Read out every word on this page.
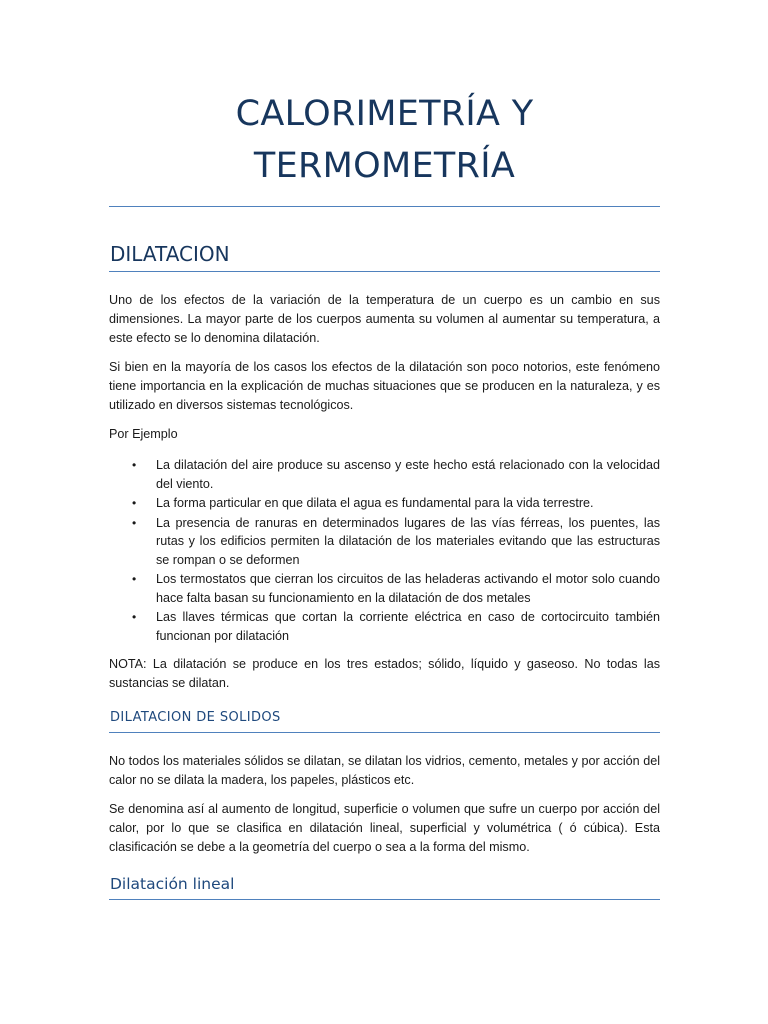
CALORIMETRÍA Y
TERMOMETRÍA
DILATACION

Uno de los efectos de la variación de la temperatura de un cuerpo es un cambio en sus dimensiones. La mayor parte de los cuerpos aumenta su volumen al aumentar su temperatura, a este efecto se lo denomina dilatación.

Si bien en la mayoría de los casos los efectos de la dilatación son poco notorios, este fenómeno tiene importancia en la explicación de muchas situaciones que se producen en la naturaleza, y es utilizado en diversos sistemas tecnológicos.

Por Ejemplo

• La dilatación del aire produce su ascenso y este hecho está relacionado con la velocidad del viento.
• La forma particular en que dilata el agua es fundamental para la vida terrestre.
• La presencia de ranuras en determinados lugares de las vías férreas, los puentes, las rutas y los edificios permiten la dilatación de los materiales evitando que las estructuras se rompan o se deformen
• Los termostatos que cierran los circuitos de las heladeras activando el motor solo cuando hace falta basan su funcionamiento en la dilatación de dos metales
• Las llaves térmicas que cortan la corriente eléctrica en caso de cortocircuito también funcionan por dilatación

NOTA: La dilatación se produce en los tres estados; sólido, líquido y gaseoso. No todas las sustancias se dilatan.

DILATACION DE SOLIDOS

No todos los materiales sólidos se dilatan, se dilatan los vidrios, cemento, metales y por acción del calor no se dilata la madera, los papeles, plásticos etc.

Se denomina así al aumento de longitud, superficie o volumen que sufre un cuerpo por acción del calor, por lo que se clasifica en dilatación lineal, superficial y volumétrica ( ó cúbica). Esta clasificación se debe a la geometría del cuerpo o sea a la forma del mismo.

Dilatación lineal
